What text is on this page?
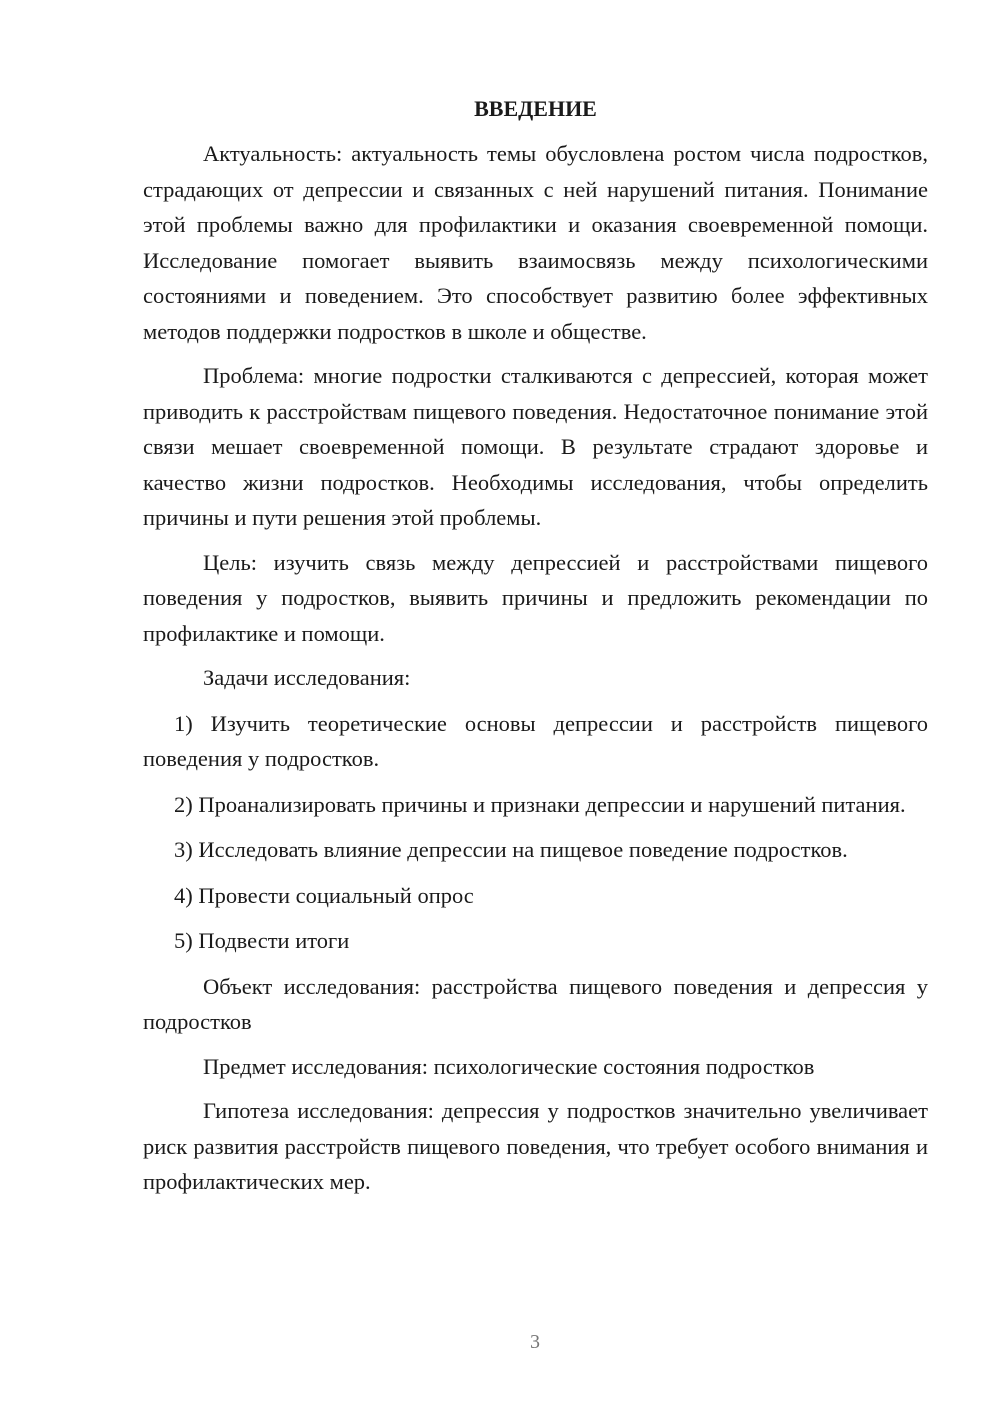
ВВЕДЕНИЕ

Актуальность: актуальность темы обусловлена ростом числа подростков, страдающих от депрессии и связанных с ней нарушений питания. Понимание этой проблемы важно для профилактики и оказания своевременной помощи. Исследование помогает выявить взаимосвязь между психологическими состояниями и поведением. Это способствует развитию более эффективных методов поддержки подростков в школе и обществе.

Проблема: многие подростки сталкиваются с депрессией, которая может приводить к расстройствам пищевого поведения. Недостаточное понимание этой связи мешает своевременной помощи. В результате страдают здоровье и качество жизни подростков. Необходимы исследования, чтобы определить причины и пути решения этой проблемы.

Цель: изучить связь между депрессией и расстройствами пищевого поведения у подростков, выявить причины и предложить рекомендации по профилактике и помощи.

Задачи исследования:

1) Изучить теоретические основы депрессии и расстройств пищевого поведения у подростков.

2) Проанализировать причины и признаки депрессии и нарушений питания.

3) Исследовать влияние депрессии на пищевое поведение подростков.

4) Провести социальный опрос

5) Подвести итоги

Объект исследования: расстройства пищевого поведения и депрессия у подростков

Предмет исследования: психологические состояния подростков

Гипотеза исследования: депрессия у подростков значительно увеличивает риск развития расстройств пищевого поведения, что требует особого внимания и профилактических мер.

3
